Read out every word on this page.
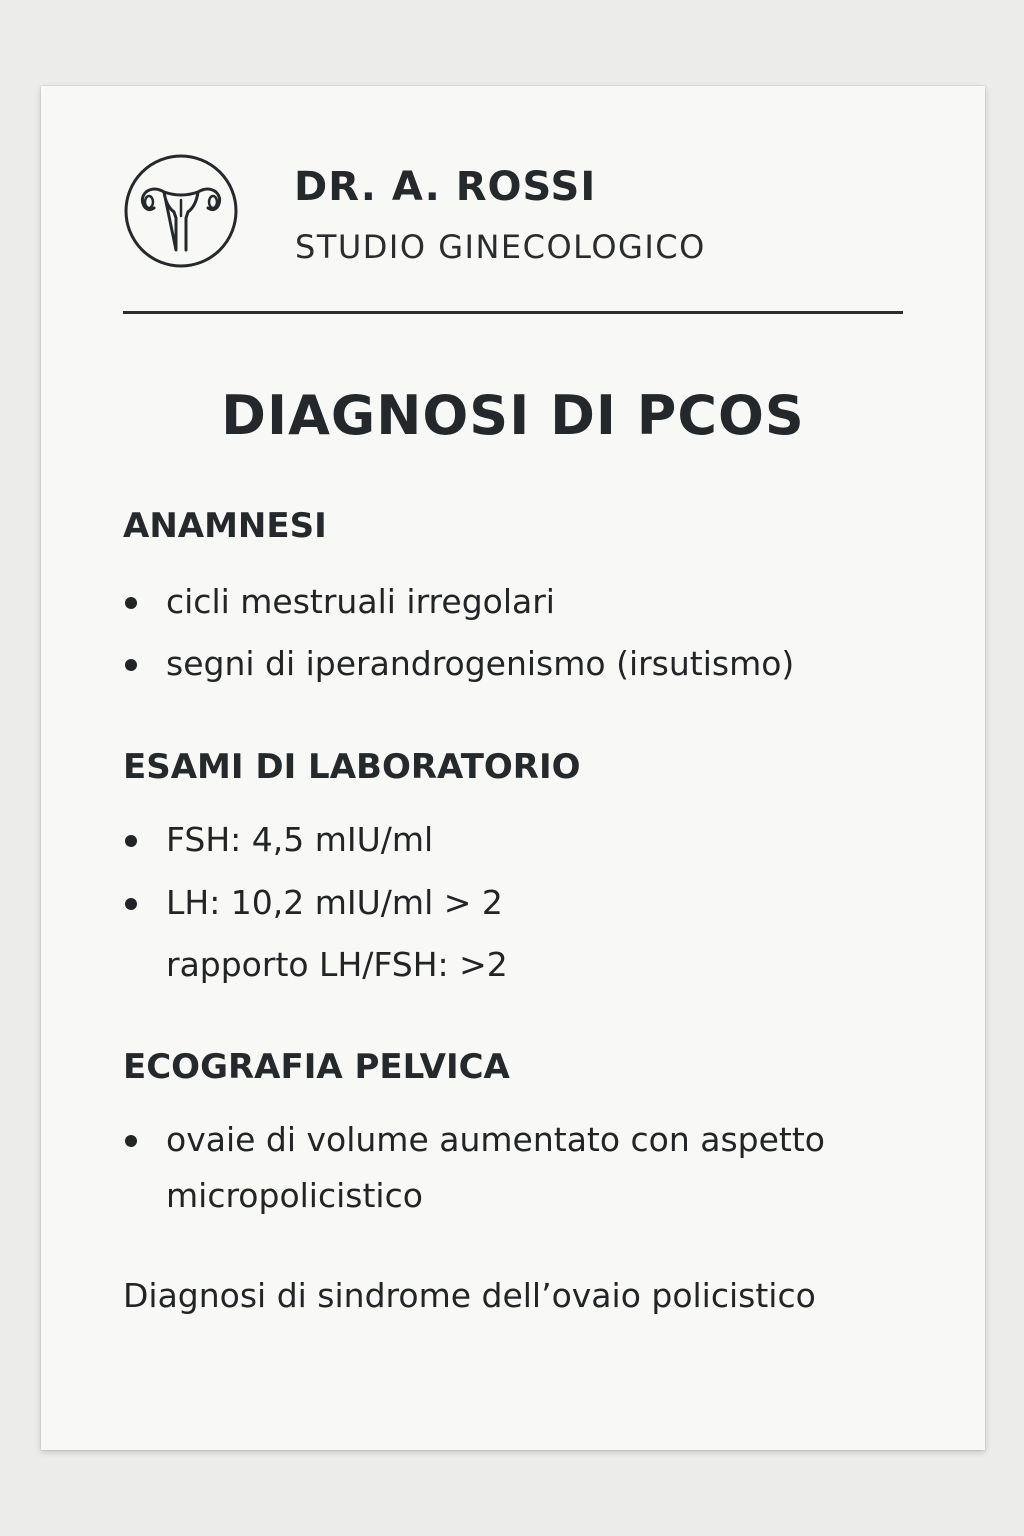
DR. A. ROSSI
STUDIO GINECOLOGICO
DIAGNOSI DI PCOS
ANAMNESI
cicli mestruali irregolari
segni di iperandrogenismo (irsutismo)
ESAMI DI LABORATORIO
FSH: 4,5 mIU/ml
LH: 10,2 mIU/ml > 2
rapporto LH/FSH: >2
ECOGRAFIA PELVICA
ovaie di volume aumentato con aspetto micropolicistico
Diagnosi di sindrome dell’ovaio policistico
